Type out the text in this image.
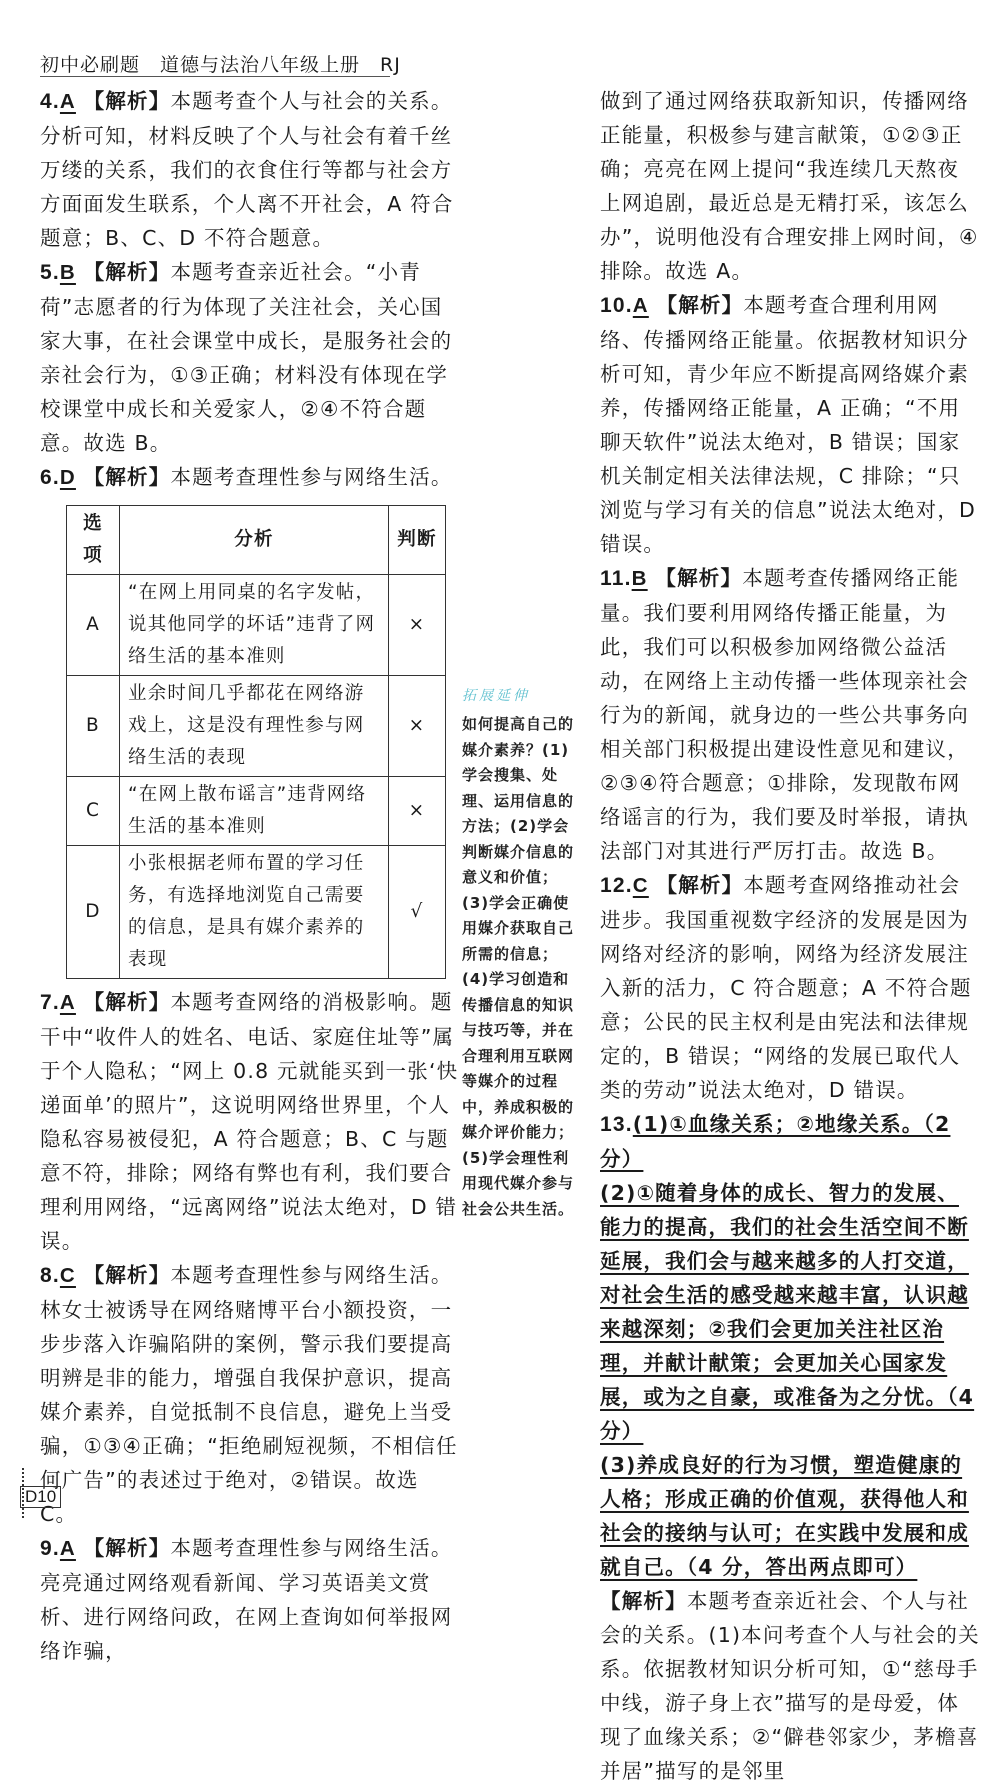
初中必刷题　道德与法治八年级上册　RJ

4.A 【解析】本题考查个人与社会的关系。分析可知，材料反映了个人与社会有着千丝万缕的关系，我们的衣食住行等都与社会方方面面发生联系，个人离不开社会，A 符合题意；B、C、D 不符合题意。

5.B 【解析】本题考查亲近社会。“小青荷”志愿者的行为体现了关注社会，关心国家大事，在社会课堂中成长，是服务社会的亲社会行为，①③正确；材料没有体现在学校课堂中成长和关爱家人，②④不符合题意。故选 B。

6.D 【解析】本题考查理性参与网络生活。

选项	分析	判断
A	“在网上用同桌的名字发帖，说其他同学的坏话”违背了网络生活的基本准则	×
B	业余时间几乎都花在网络游戏上，这是没有理性参与网络生活的表现	×
C	“在网上散布谣言”违背网络生活的基本准则	×
D	小张根据老师布置的学习任务，有选择地浏览自己需要的信息，是具有媒介素养的表现	√

7.A 【解析】本题考查网络的消极影响。题干中“收件人的姓名、电话、家庭住址等”属于个人隐私；“网上 0.8 元就能买到一张‘快递面单’的照片”，这说明网络世界里，个人隐私容易被侵犯，A 符合题意；B、C 与题意不符，排除；网络有弊也有利，我们要合理利用网络，“远离网络”说法太绝对，D 错误。

8.C 【解析】本题考查理性参与网络生活。林女士被诱导在网络赌博平台小额投资，一步步落入诈骗陷阱的案例，警示我们要提高明辨是非的能力，增强自我保护意识，提高媒介素养，自觉抵制不良信息，避免上当受骗，①③④正确；“拒绝刷短视频，不相信任何广告”的表述过于绝对，②错误。故选 C。

9.A 【解析】本题考查理性参与网络生活。亮亮通过网络观看新闻、学习英语美文赏析、进行网络问政，在网上查询如何举报网络诈骗，

拓展延伸
如何提高自己的媒介素养？(1)学会搜集、处理、运用信息的方法；(2)学会判断媒介信息的意义和价值；(3)学会正确使用媒介获取自己所需的信息；(4)学习创造和传播信息的知识与技巧等，并在合理利用互联网等媒介的过程中，养成积极的媒介评价能力；(5)学会理性利用现代媒介参与社会公共生活。

做到了通过网络获取新知识，传播网络正能量，积极参与建言献策，①②③正确；亮亮在网上提问“我连续几天熬夜上网追剧，最近总是无精打采，该怎么办”，说明他没有合理安排上网时间，④排除。故选 A。

10.A 【解析】本题考查合理利用网络、传播网络正能量。依据教材知识分析可知，青少年应不断提高网络媒介素养，传播网络正能量，A 正确；“不用聊天软件”说法太绝对，B 错误；国家机关制定相关法律法规，C 排除；“只浏览与学习有关的信息”说法太绝对，D 错误。

11.B 【解析】本题考查传播网络正能量。我们要利用网络传播正能量，为此，我们可以积极参加网络微公益活动，在网络上主动传播一些体现亲社会行为的新闻，就身边的一些公共事务向相关部门积极提出建设性意见和建议，②③④符合题意；①排除，发现散布网络谣言的行为，我们要及时举报，请执法部门对其进行严厉打击。故选 B。

12.C 【解析】本题考查网络推动社会进步。我国重视数字经济的发展是因为网络对经济的影响，网络为经济发展注入新的活力，C 符合题意；A 不符合题意；公民的民主权利是由宪法和法律规定的，B 错误；“网络的发展已取代人类的劳动”说法太绝对，D 错误。

13.(1)①血缘关系；②地缘关系。（2 分）

(2)①随着身体的成长、智力的发展、能力的提高，我们的社会生活空间不断延展，我们会与越来越多的人打交道，对社会生活的感受越来越丰富，认识越来越深刻；②我们会更加关注社区治理，并献计献策；会更加关心国家发展，或为之自豪，或准备为之分忧。（4 分）

(3)养成良好的行为习惯，塑造健康的人格；形成正确的价值观，获得他人和社会的接纳与认可；在实践中发展和成就自己。（4 分，答出两点即可）

【解析】本题考查亲近社会、个人与社会的关系。(1)本问考查个人与社会的关系。依据教材知识分析可知，①“慈母手中线，游子身上衣”描写的是母爱，体现了血缘关系；②“僻巷邻家少，茅檐喜并居”描写的是邻里

D10
